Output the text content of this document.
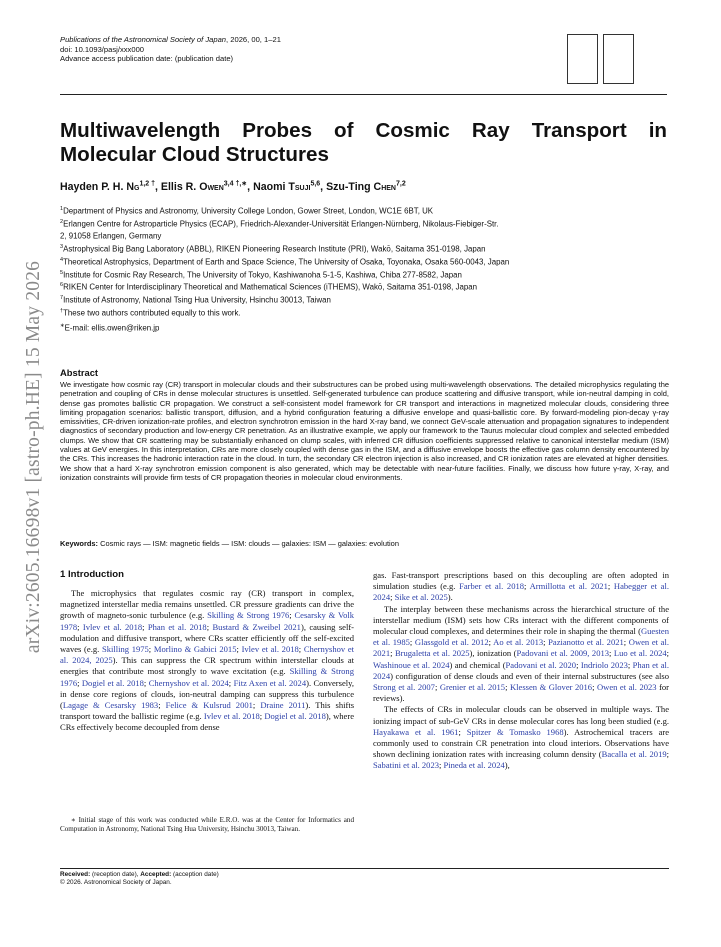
arXiv:2605.16698v1 [astro-ph.HE] 15 May 2026
Publications of the Astronomical Society of Japan, 2026, 00, 1–21
doi: 10.1093/pasj/xxx000
Advance access publication date: (publication date)
Multiwavelength Probes of Cosmic Ray Transport in Molecular Cloud Structures
Hayden P. H. $Ng^{1,2 \dagger}$, Ellis R. Owen$^{3,4 \dagger,∗}$, Naomi Tsuji$^{5,6}$, Szu-Ting Chen$^{7,2}$
$^1$Department of Physics and Astronomy, University College London, Gower Street, London, WC1E 6BT, UK
$^2$Erlangen Centre for Astroparticle Physics (ECAP), Friedrich-Alexander-Universität Erlangen-Nürnberg, Nikolaus-Fiebiger-Str.
2, 91058 Erlangen, Germany
$^3$Astrophysical Big Bang Laboratory (ABBL), RIKEN Pioneering Research Institute (PRI), Wakō, Saitama 351-0198, Japan
$^4$Theoretical Astrophysics, Department of Earth and Space Science, The University of Osaka, Toyonaka, Osaka 560-0043, Japan
$^5$Institute for Cosmic Ray Research, The University of Tokyo, Kashiwanoha 5-1-5, Kashiwa, Chiba 277-8582, Japan
$^6$RIKEN Center for Interdisciplinary Theoretical and Mathematical Sciences (iTHEMS), Wakō, Saitama 351-0198, Japan
$^7$Institute of Astronomy, National Tsing Hua University, Hsinchu 30013, Taiwan
†These two authors contributed equally to this work.
∗E-mail: ellis.owen@riken.jp
Abstract
We investigate how cosmic ray (CR) transport in molecular clouds and their substructures can be probed using multi-wavelength observations. The detailed microphysics regulating the penetration and coupling of CRs in dense molecular structures is unsettled. Self-generated turbulence can produce scattering and diffusive transport, while ion-neutral damping in cold, dense gas promotes ballistic CR propagation. We construct a self-consistent model framework for CR transport and interactions in magnetized molecular clouds, considering three limiting propagation scenarios: ballistic transport, diffusion, and a hybrid configuration featuring a diffusive envelope and quasi-ballistic core. By forward-modeling pion-decay γ-ray emissivities, CR-driven ionization-rate profiles, and electron synchrotron emission in the hard X-ray band, we connect GeV-scale attenuation and propagation signatures to independent diagnostics of secondary production and low-energy CR penetration. As an illustrative example, we apply our framework to the Taurus molecular cloud complex and selected embedded clumps. We show that CR scattering may be substantially enhanced on clump scales, with inferred CR diffusion coefficients suppressed relative to canonical interstellar medium (ISM) values at GeV energies. In this interpretation, CRs are more closely coupled with dense gas in the ISM, and a diffusive envelope boosts the effective gas column density encountered by the CRs. This increases the hadronic interaction rate in the cloud. In turn, the secondary CR electron injection is also increased, and CR ionization rates are elevated at higher densities. We show that a hard X-ray synchrotron emission component is also generated, which may be detectable with near-future facilities. Finally, we discuss how future γ-ray, X-ray, and ionization constraints will provide firm tests of CR propagation theories in molecular cloud environments.
Keywords: Cosmic rays — ISM: magnetic fields — ISM: clouds — galaxies: ISM — galaxies: evolution
1 Introduction

The microphysics that regulates cosmic ray (CR) transport in complex, magnetized interstellar media remains unsettled. CR pressure gradients can drive the growth of magneto-sonic turbulence (e.g. Skilling & Strong 1976; Cesarsky & Volk 1978; Ivlev et al. 2018; Phan et al. 2018; Bustard & Zweibel 2021), causing self-modulation and diffusive transport, where CRs scatter efficiently off the self-excited waves (e.g. Skilling 1975; Morlino & Gabici 2015; Ivlev et al. 2018; Chernyshov et al. 2024, 2025). This can suppress the CR spectrum within interstellar clouds at energies that contribute most strongly to wave excitation (e.g. Skilling & Strong 1976; Dogiel et al. 2018; Chernyshov et al. 2024; Fitz Axen et al. 2024). Conversely, in dense core regions of clouds, ion-neutral damping can suppress this turbulence (Lagage & Cesarsky 1983; Felice & Kulsrud 2001; Draine 2011). This shifts transport toward the ballistic regime (e.g. Ivlev et al. 2018; Dogiel et al. 2018), where CRs effectively become decoupled from dense

gas. Fast-transport prescriptions based on this decoupling are often adopted in simulation studies (e.g. Farber et al. 2018; Armillotta et al. 2021; Habegger et al. 2024; Sike et al. 2025).

The interplay between these mechanisms across the hierarchical structure of the interstellar medium (ISM) sets how CRs interact with the different components of molecular cloud complexes, and determines their role in shaping the thermal (Guesten et al. 1985; Glassgold et al. 2012; Ao et al. 2013; Pazianotto et al. 2021; Owen et al. 2021; Brugaletta et al. 2025), ionization (Padovani et al. 2009, 2013; Luo et al. 2024; Washinoue et al. 2024) and chemical (Padovani et al. 2020; Indriolo 2023; Phan et al. 2024) configuration of dense clouds and even of their internal substructures (see also Strong et al. 2007; Grenier et al. 2015; Klessen & Glover 2016; Owen et al. 2023 for reviews).

The effects of CRs in molecular clouds can be observed in multiple ways. The ionizing impact of sub-GeV CRs in dense molecular cores has long been studied (e.g. Hayakawa et al. 1961; Spitzer & Tomasko 1968). Astrochemical tracers are commonly used to constrain CR penetration into cloud interiors. Observations have shown declining ionization rates with increasing column density (Bacalla et al. 2019; Sabatini et al. 2023; Pineda et al. 2024),

∗ Initial stage of this work was conducted while E.R.O. was at the Center for Informatics and Computation in Astronomy, National Tsing Hua University, Hsinchu 30013, Taiwan.

Received: (reception date), Accepted: (acception date)
© 2026. Astronomical Society of Japan.
